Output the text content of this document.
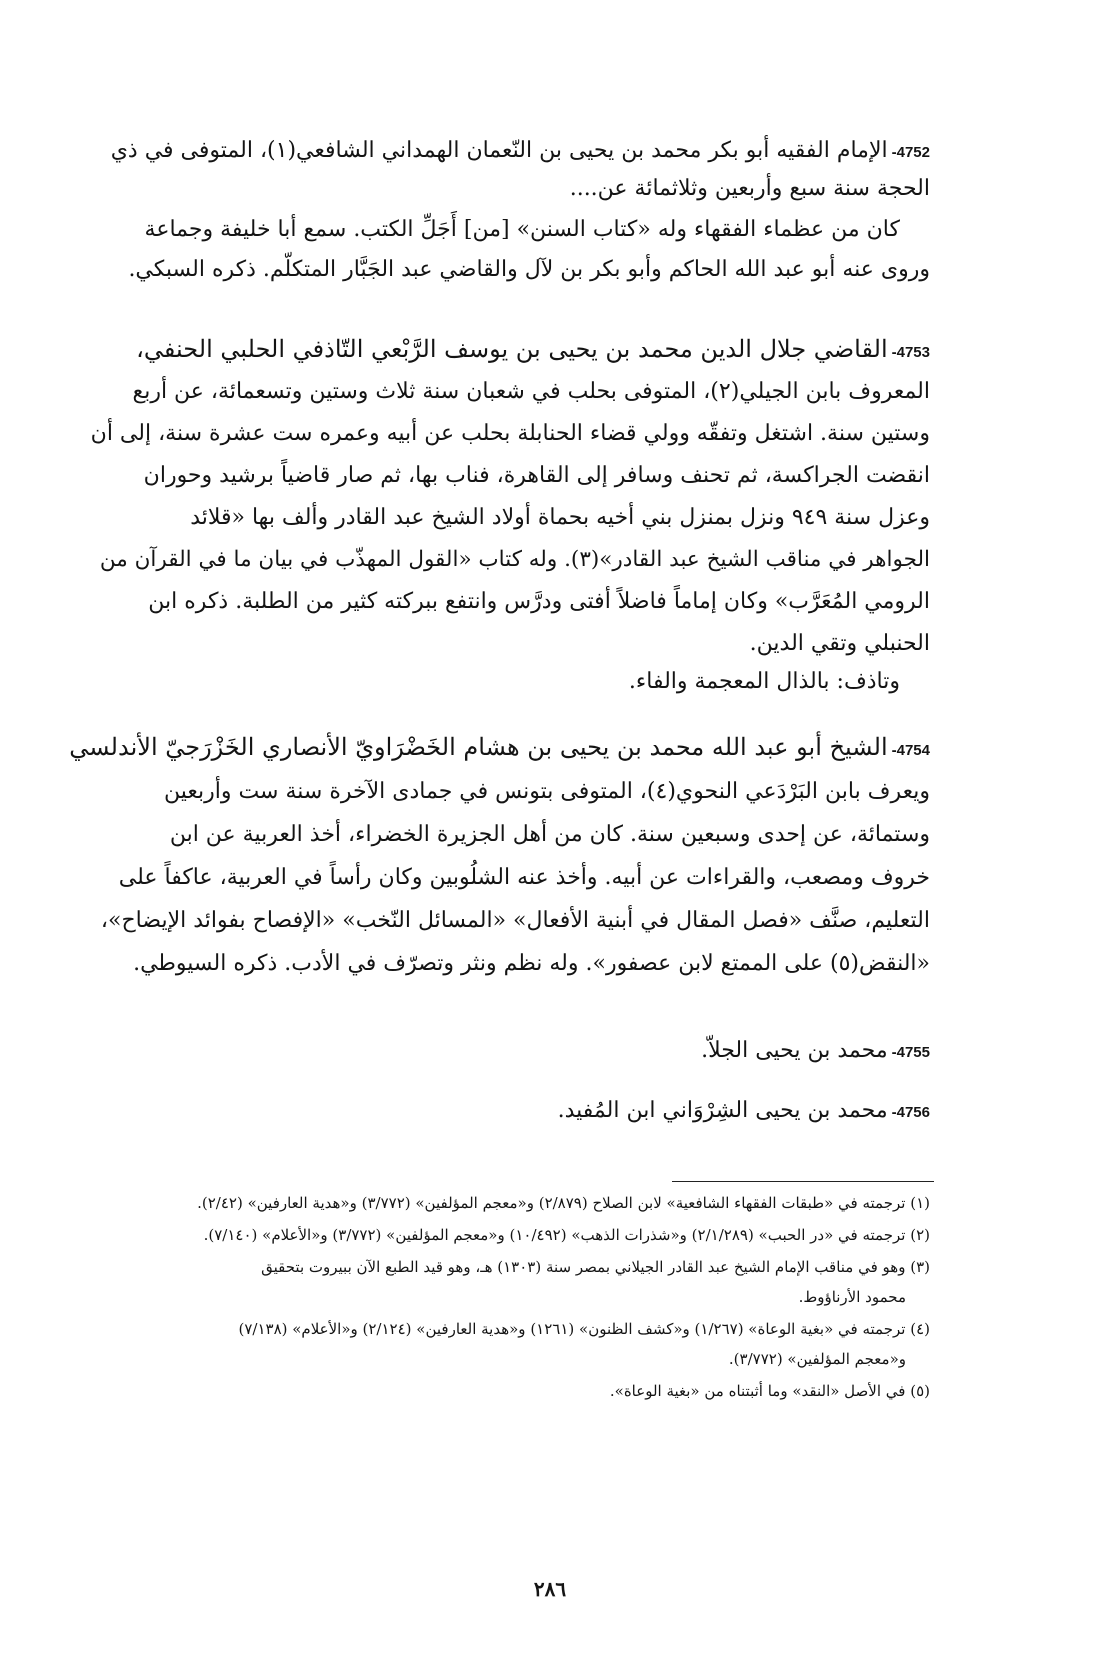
4752-
الإمام الفقيه أبو بكر محمد بن يحيى بن النّعمان الهمداني الشافعي(١)، المتوفى في ذي
الحجة سنة سبع وأربعين وثلاثمائة عن....
كان من عظماء الفقهاء وله «كتاب السنن» [من] أَجَلِّ الكتب. سمع أبا خليفة وجماعة
وروى عنه أبو عبد الله الحاكم وأبو بكر بن لآل والقاضي عبد الجَبَّار المتكلّم. ذكره السبكي.
4753-
القاضي جلال الدين محمد بن يحيى بن يوسف الرَّبْعي التّاذفي الحلبي الحنفي،
المعروف بابن الجيلي(٢)، المتوفى بحلب في شعبان سنة ثلاث وستين وتسعمائة، عن أربع
وستين سنة. اشتغل وتفقّه وولي قضاء الحنابلة بحلب عن أبيه وعمره ست عشرة سنة، إلى أن
انقضت الجراكسة، ثم تحنف وسافر إلى القاهرة، فناب بها، ثم صار قاضياً برشيد وحوران
وعزل سنة ٩٤٩ ونزل بمنزل بني أخيه بحماة أولاد الشيخ عبد القادر وألف بها «قلائد
الجواهر في مناقب الشيخ عبد القادر»(٣). وله كتاب «القول المهذّب في بيان ما في القرآن من
الرومي المُعَرَّب» وكان إماماً فاضلاً أفتى ودرَّس وانتفع ببركته كثير من الطلبة. ذكره ابن
الحنبلي وتقي الدين.
وتاذف: بالذال المعجمة والفاء.
4754-
الشيخ أبو عبد الله محمد بن يحيى بن هشام الخَضْرَاويّ الأنصاري الخَزْرَجيّ الأندلسي
ويعرف بابن البَرْدَعي النحوي(٤)، المتوفى بتونس في جمادى الآخرة سنة ست وأربعين
وستمائة، عن إحدى وسبعين سنة. كان من أهل الجزيرة الخضراء، أخذ العربية عن ابن
خروف ومصعب، والقراءات عن أبيه. وأخذ عنه الشلُوبين وكان رأساً في العربية، عاكفاً على
التعليم، صنَّف «فصل المقال في أبنية الأفعال» «المسائل النّخب» «الإفصاح بفوائد الإيضاح»،
«النقض(٥) على الممتع لابن عصفور». وله نظم ونثر وتصرّف في الأدب. ذكره السيوطي.
4755-
محمد بن يحيى الجلاّ.
4756-
محمد بن يحيى الشِرْوَاني ابن المُفيد.
(١) ترجمته في «طبقات الفقهاء الشافعية» لابن الصلاح (٢/٨٧٩) و«معجم المؤلفين» (٣/٧٧٢) و«هدية العارفين» (٢/٤٢).
(٢) ترجمته في «در الحبب» (٢/١/٢٨٩) و«شذرات الذهب» (١٠/٤٩٢) و«معجم المؤلفين» (٣/٧٧٢) و«الأعلام» (٧/١٤٠).
(٣) وهو في مناقب الإمام الشيخ عبد القادر الجيلاني بمصر سنة (١٣٠٣) هـ، وهو قيد الطبع الآن ببيروت بتحقيق
محمود الأرناؤوط.
(٤) ترجمته في «بغية الوعاة» (١/٢٦٧) و«كشف الظنون» (١٢٦١) و«هدية العارفين» (٢/١٢٤) و«الأعلام» (٧/١٣٨)
و«معجم المؤلفين» (٣/٧٧٢).
(٥) في الأصل «النقد» وما أثبتناه من «بغية الوعاة».
٢٨٦
